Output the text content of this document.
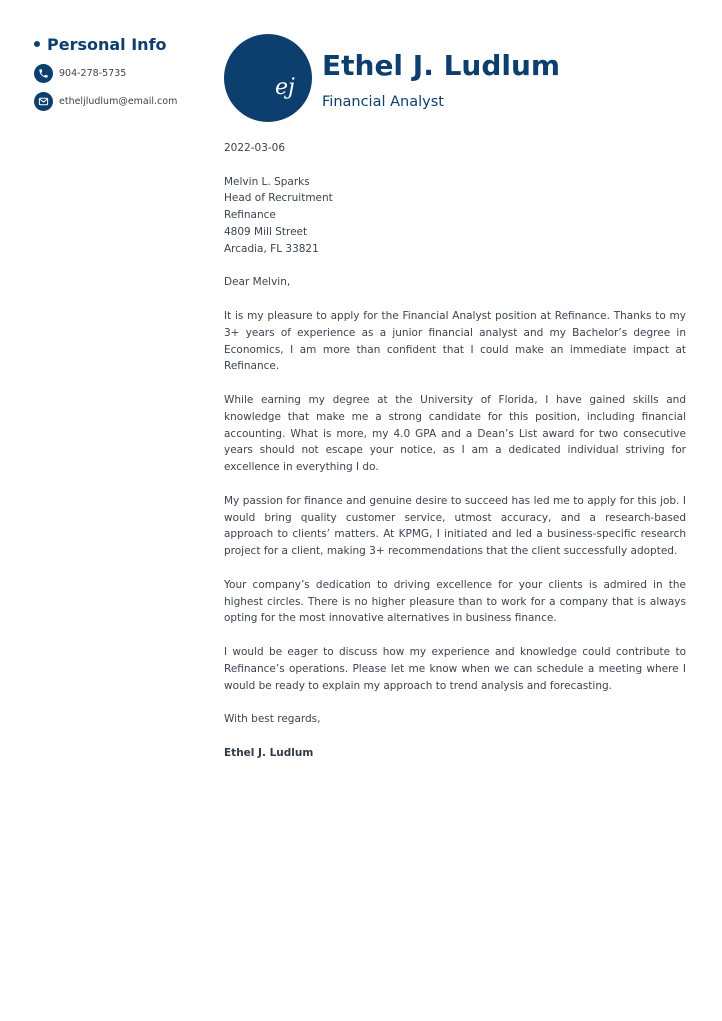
Personal Info
904-278-5735
etheljludlum@email.com
ej
Ethel J. Ludlum
Financial Analyst
2022-03-06
Melvin L. Sparks
Head of Recruitment
Refinance
4809 Mill Street
Arcadia, FL 33821

Dear Melvin,

It is my pleasure to apply for the Financial Analyst position at Refinance. Thanks to my 3+ years of experience as a junior financial analyst and my Bachelor’s degree in Economics, I am more than confident that I could make an immediate impact at Refinance.

While earning my degree at the University of Florida, I have gained skills and knowledge that make me a strong candidate for this position, including financial accounting. What is more, my 4.0 GPA and a Dean’s List award for two consecutive years should not escape your notice, as I am a dedicated individual striving for excellence in everything I do.

My passion for finance and genuine desire to succeed has led me to apply for this job. I would bring quality customer service, utmost accuracy, and a research-based approach to clients’ matters. At KPMG, I initiated and led a business-specific research project for a client, making 3+ recommendations that the client successfully adopted.

Your company’s dedication to driving excellence for your clients is admired in the highest circles. There is no higher pleasure than to work for a company that is always opting for the most innovative alternatives in business finance.

I would be eager to discuss how my experience and knowledge could contribute to Refinance’s operations. Please let me know when we can schedule a meeting where I would be ready to explain my approach to trend analysis and forecasting.

With best regards,

Ethel J. Ludlum
